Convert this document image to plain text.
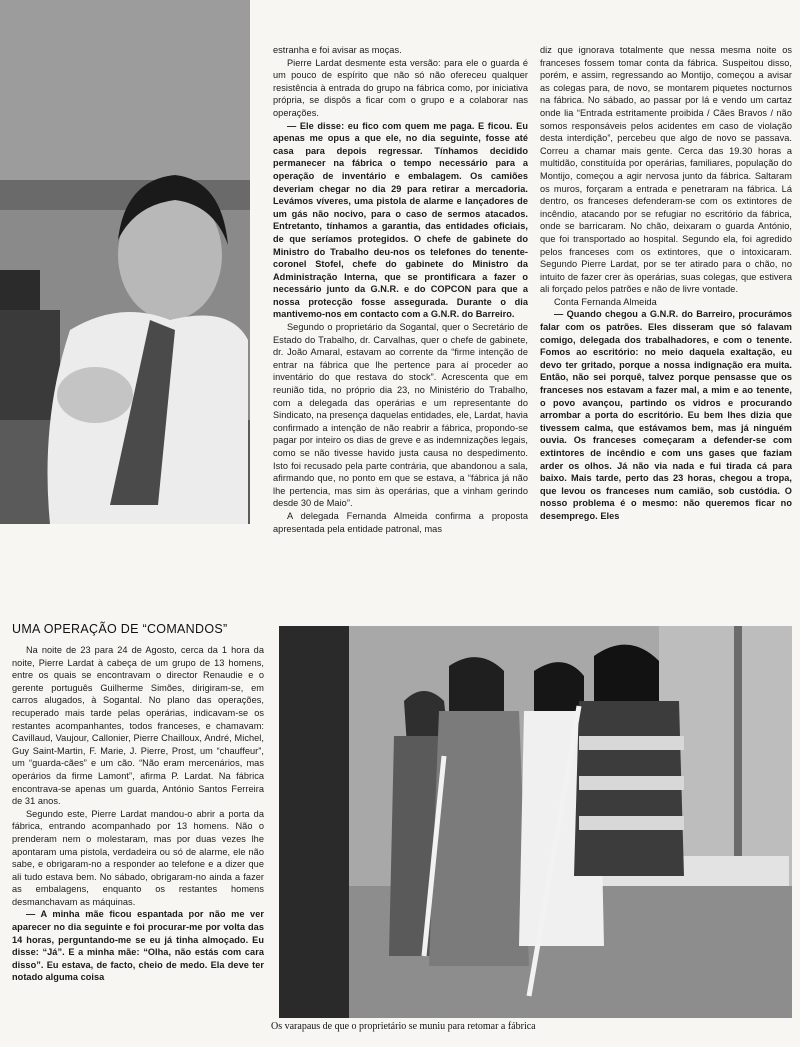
estranha e foi avisar as moças.

Pierre Lardat desmente esta versão: para ele o guarda é um pouco de espírito que não só não ofereceu qualquer resistência à entrada do grupo na fábrica como, por iniciativa própria, se dispôs a ficar com o grupo e a colaborar nas operações.

— Ele disse: eu fico com quem me paga. E ficou. Eu apenas me opus a que ele, no dia seguinte, fosse até casa para depois regressar. Tínhamos decidido permanecer na fábrica o tempo necessário para a operação de inventário e embalagem. Os camiões deveriam chegar no dia 29 para retirar a mercadoria. Levámos víveres, uma pistola de alarme e lançadores de um gás não nocivo, para o caso de sermos atacados. Entretanto, tínhamos a garantia, das entidades oficiais, de que seríamos protegidos. O chefe de gabinete do Ministro do Trabalho deu-nos os telefones do tenente-coronel Stofel, chefe do gabinete do Ministro da Administração Interna, que se prontificara a fazer o necessário junto da G.N.R. e do COPCON para que a nossa protecção fosse assegurada. Durante o dia mantivemo-nos em contacto com a G.N.R. do Barreiro.

Segundo o proprietário da Sogantal, quer o Secretário de Estado do Trabalho, dr. Carvalhas, quer o chefe de gabinete, dr. João Amaral, estavam ao corrente da “firme intenção de entrar na fábrica que lhe pertence para aí proceder ao inventário do que restava do stock”. Acrescenta que em reunião tida, no próprio dia 23, no Ministério do Trabalho, com a delegada das operárias e um representante do Sindicato, na presença daquelas entidades, ele, Lardat, havia confirmado a intenção de não reabrir a fábrica, propondo-se pagar por inteiro os dias de greve e as indemnizações legais, como se não tivesse havido justa causa no despedimento. Isto foi recusado pela parte contrária, que abandonou a sala, afirmando que, no ponto em que se estava, a “fábrica já não lhe pertencia, mas sim às operárias, que a vinham gerindo desde 30 de Maio”.

A delegada Fernanda Almeida confirma a proposta apresentada pela entidade patronal, mas

diz que ignorava totalmente que nessa mesma noite os franceses fossem tomar conta da fábrica. Suspeitou disso, porém, e assim, regressando ao Montijo, começou a avisar as colegas para, de novo, se montarem piquetes nocturnos na fábrica. No sábado, ao passar por lá e vendo um cartaz onde lia “Entrada estritamente proibida / Cães Bravos / não somos responsáveis pelos acidentes em caso de violação desta interdição”, percebeu que algo de novo se passava. Correu a chamar mais gente. Cerca das 19.30 horas a multidão, constituída por operárias, familiares, população do Montijo, começou a agir nervosa junto da fábrica. Saltaram os muros, forçaram a entrada e penetraram na fábrica. Lá dentro, os franceses defenderam-se com os extintores de incêndio, atacando por se refugiar no escritório da fábrica, onde se barricaram. No chão, deixaram o guarda António, que foi transportado ao hospital. Segundo ela, foi agredido pelos franceses com os extintores, que o intoxicaram. Segundo Pierre Lardat, por se ter atirado para o chão, no intuito de fazer crer às operárias, suas colegas, que estivera ali forçado pelos patrões e não de livre vontade.

Conta Fernanda Almeida

— Quando chegou a G.N.R. do Barreiro, procurámos falar com os patrões. Eles disseram que só falavam comigo, delegada dos trabalhadores, e com o tenente. Fomos ao escritório: no meio daquela exaltação, eu devo ter gritado, porque a nossa indignação era muita. Então, não sei porquê, talvez porque pensasse que os franceses nos estavam a fazer mal, a mim e ao tenente, o povo avançou, partindo os vidros e procurando arrombar a porta do escritório. Eu bem lhes dizia que tivessem calma, que estávamos bem, mas já ninguém ouvia. Os franceses começaram a defender-se com extintores de incêndio e com uns gases que faziam arder os olhos. Já não via nada e fui tirada cá para baixo. Mais tarde, perto das 23 horas, chegou a tropa, que levou os franceses num camião, sob custódia. O nosso problema é o mesmo: não queremos ficar no desemprego. Eles

UMA OPERAÇÃO DE “COMANDOS”

Na noite de 23 para 24 de Agosto, cerca da 1 hora da noite, Pierre Lardat à cabeça de um grupo de 13 homens, entre os quais se encontravam o director Renaudie e o gerente português Guilherme Simões, dirigiram-se, em carros alugados, à Sogantal. No plano das operações, recuperado mais tarde pelas operárias, indicavam-se os restantes acompanhantes, todos franceses, e chamavam: Cavillaud, Vaujour, Callonier, Pierre Chailloux, André, Michel, Guy Saint-Martin, F. Marie, J. Pierre, Prost, um “chauffeur”, um “guarda-cães” e um cão. “Não eram mercenários, mas operários da firme Lamont”, afirma P. Lardat. Na fábrica encontrava-se apenas um guarda, António Santos Ferreira de 31 anos.

Segundo este, Pierre Lardat mandou-o abrir a porta da fábrica, entrando acompanhado por 13 homens. Não o prenderam nem o molestaram, mas por duas vezes lhe apontaram uma pistola, verdadeira ou só de alarme, ele não sabe, e obrigaram-no a responder ao telefone e a dizer que ali tudo estava bem. No sábado, obrigaram-no ainda a fazer as embalagens, enquanto os restantes homens desmanchavam as máquinas.

— A minha mãe ficou espantada por não me ver aparecer no dia seguinte e foi procurar-me por volta das 14 horas, perguntando-me se eu já tinha almoçado. Eu disse: “Já”. E a minha mãe: “Olha, não estás com cara disso”. Eu estava, de facto, cheio de medo. Ela deve ter notado alguma coisa

Os varapaus de que o proprietário se muniu para retomar a fábrica
